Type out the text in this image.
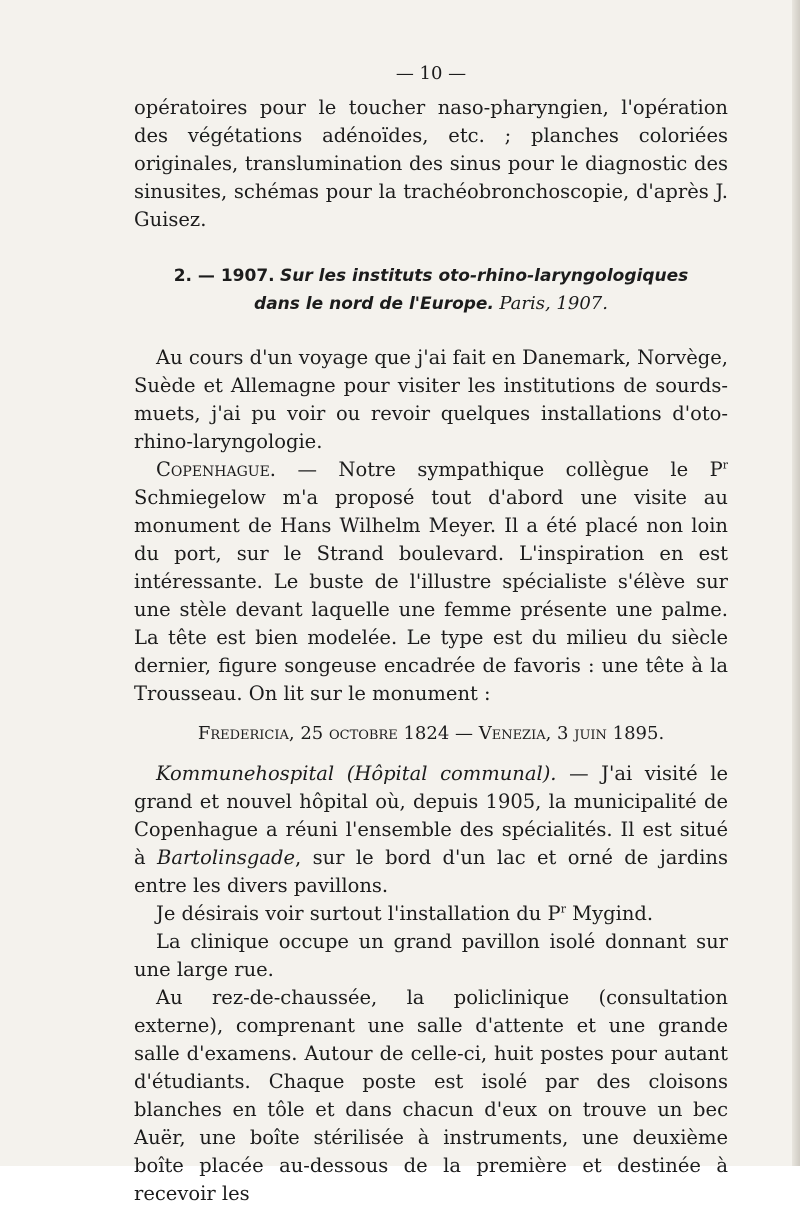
— 10 —

opératoires pour le toucher naso-pharyngien, l'opération des végétations adénoïdes, etc. ; planches coloriées originales, translumination des sinus pour le diagnostic des sinusites, schémas pour la trachéobronchoscopie, d'après J. Guisez.

2. — 1907. Sur les instituts oto-rhino-laryngologiques
dans le nord de l'Europe. Paris, 1907.

Au cours d'un voyage que j'ai fait en Danemark, Norvège, Suède et Allemagne pour visiter les institutions de sourds-muets, j'ai pu voir ou revoir quelques installations d'oto-rhino-laryngologie.

Copenhague. — Notre sympathique collègue le $P^r$ Schmiegelow m'a proposé tout d'abord une visite au monument de Hans Wilhelm Meyer. Il a été placé non loin du port, sur le Strand boulevard. L'inspiration en est intéressante. Le buste de l'illustre spécialiste s'élève sur une stèle devant laquelle une femme présente une palme. La tête est bien modelée. Le type est du milieu du siècle dernier, figure songeuse encadrée de favoris : une tête à la Trousseau. On lit sur le monument :

Fredericia, 25 octobre 1824 — Venezia, 3 juin 1895.

Kommunehospital (Hôpital communal). — J'ai visité le grand et nouvel hôpital où, depuis 1905, la municipalité de Copenhague a réuni l'ensemble des spécialités. Il est situé à Bartolinsgade, sur le bord d'un lac et orné de jardins entre les divers pavillons.

Je désirais voir surtout l'installation du $P^r$ Mygind.

La clinique occupe un grand pavillon isolé donnant sur une large rue.

Au rez-de-chaussée, la policlinique (consultation externe), comprenant une salle d'attente et une grande salle d'examens. Autour de celle-ci, huit postes pour autant d'étudiants. Chaque poste est isolé par des cloisons blanches en tôle et dans chacun d'eux on trouve un bec Auër, une boîte stérilisée à instruments, une deuxième boîte placée au-dessous de la première et destinée à recevoir les
